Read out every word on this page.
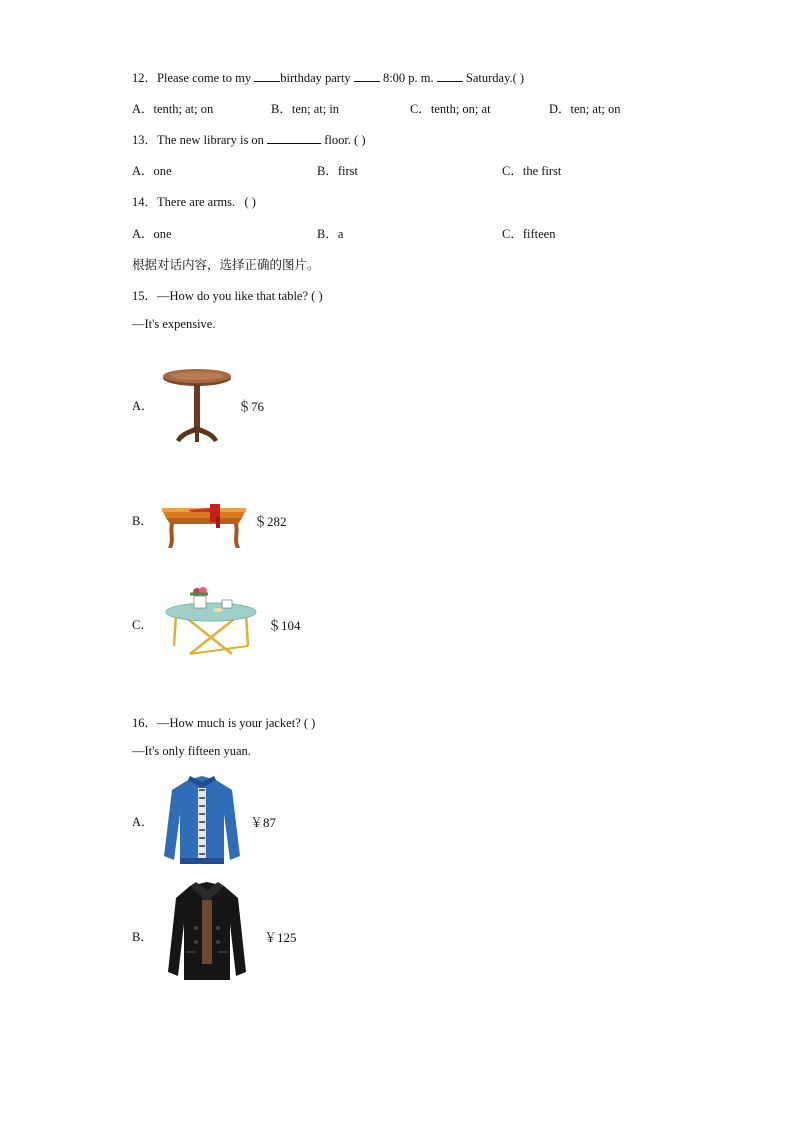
12．Please come to my birthday party	8:00 p. m.	Saturday.( )
A．tenth; at; on	B．ten; at; in	C．tenth; on; at	D．ten; at; on
13．The new library is on	floor. ( )
A．one	B．first	C．the first
14．There are arms. ( )
A．one	B．a	C．fifteen
根据对话内容，选择正确的图片。
15．—How do you like that table? ( )
—It's expensive.
A．	＄76
B．	＄282
C．	＄104
16．—How much is your jacket? ( )
—It's only fifteen yuan.
A．	￥87
B．	￥125
